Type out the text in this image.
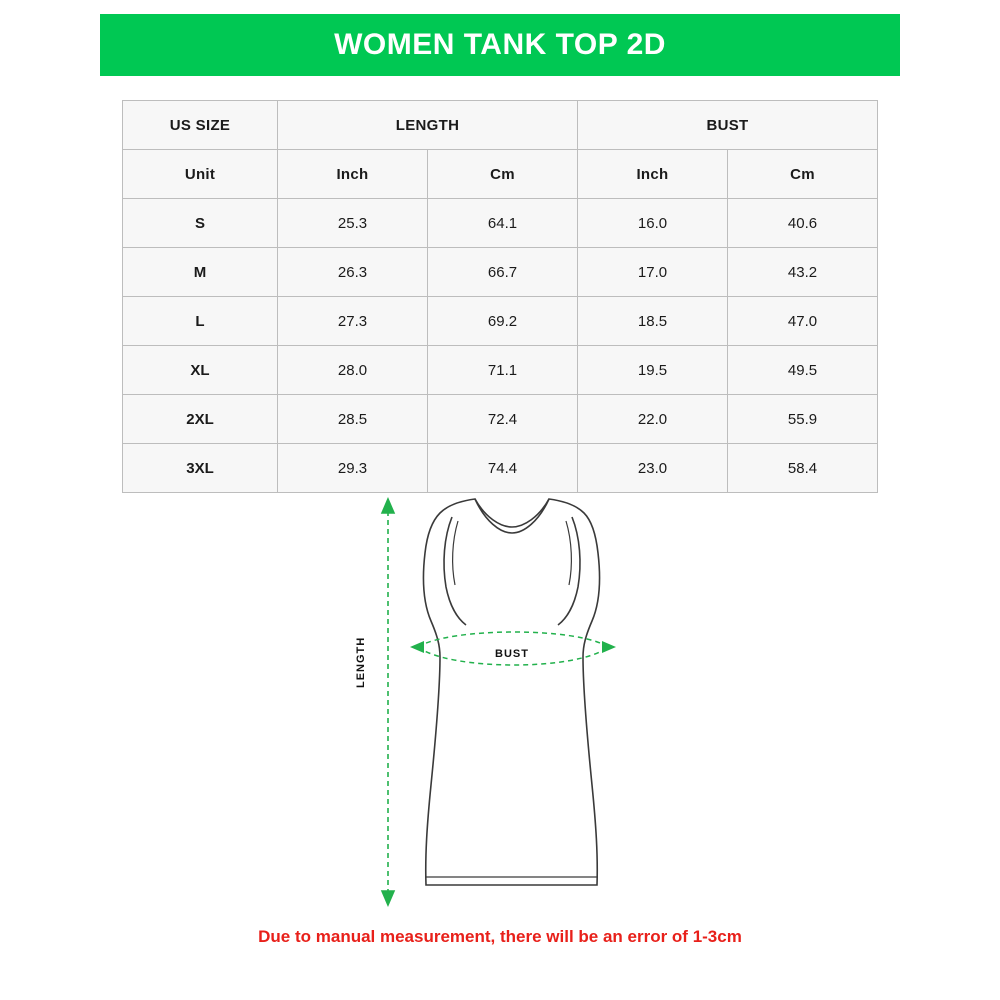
WOMEN TANK TOP 2D
US SIZE	LENGTH		BUST	
Unit	Inch	Cm	Inch	Cm
S	25.3	64.1	16.0	40.6
M	26.3	66.7	17.0	43.2
L	27.3	69.2	18.5	47.0
XL	28.0	71.1	19.5	49.5
2XL	28.5	72.4	22.0	55.9
3XL	29.3	74.4	23.0	58.4
LENGTH	BUST
Due to manual measurement, there will be an error of 1-3cm
